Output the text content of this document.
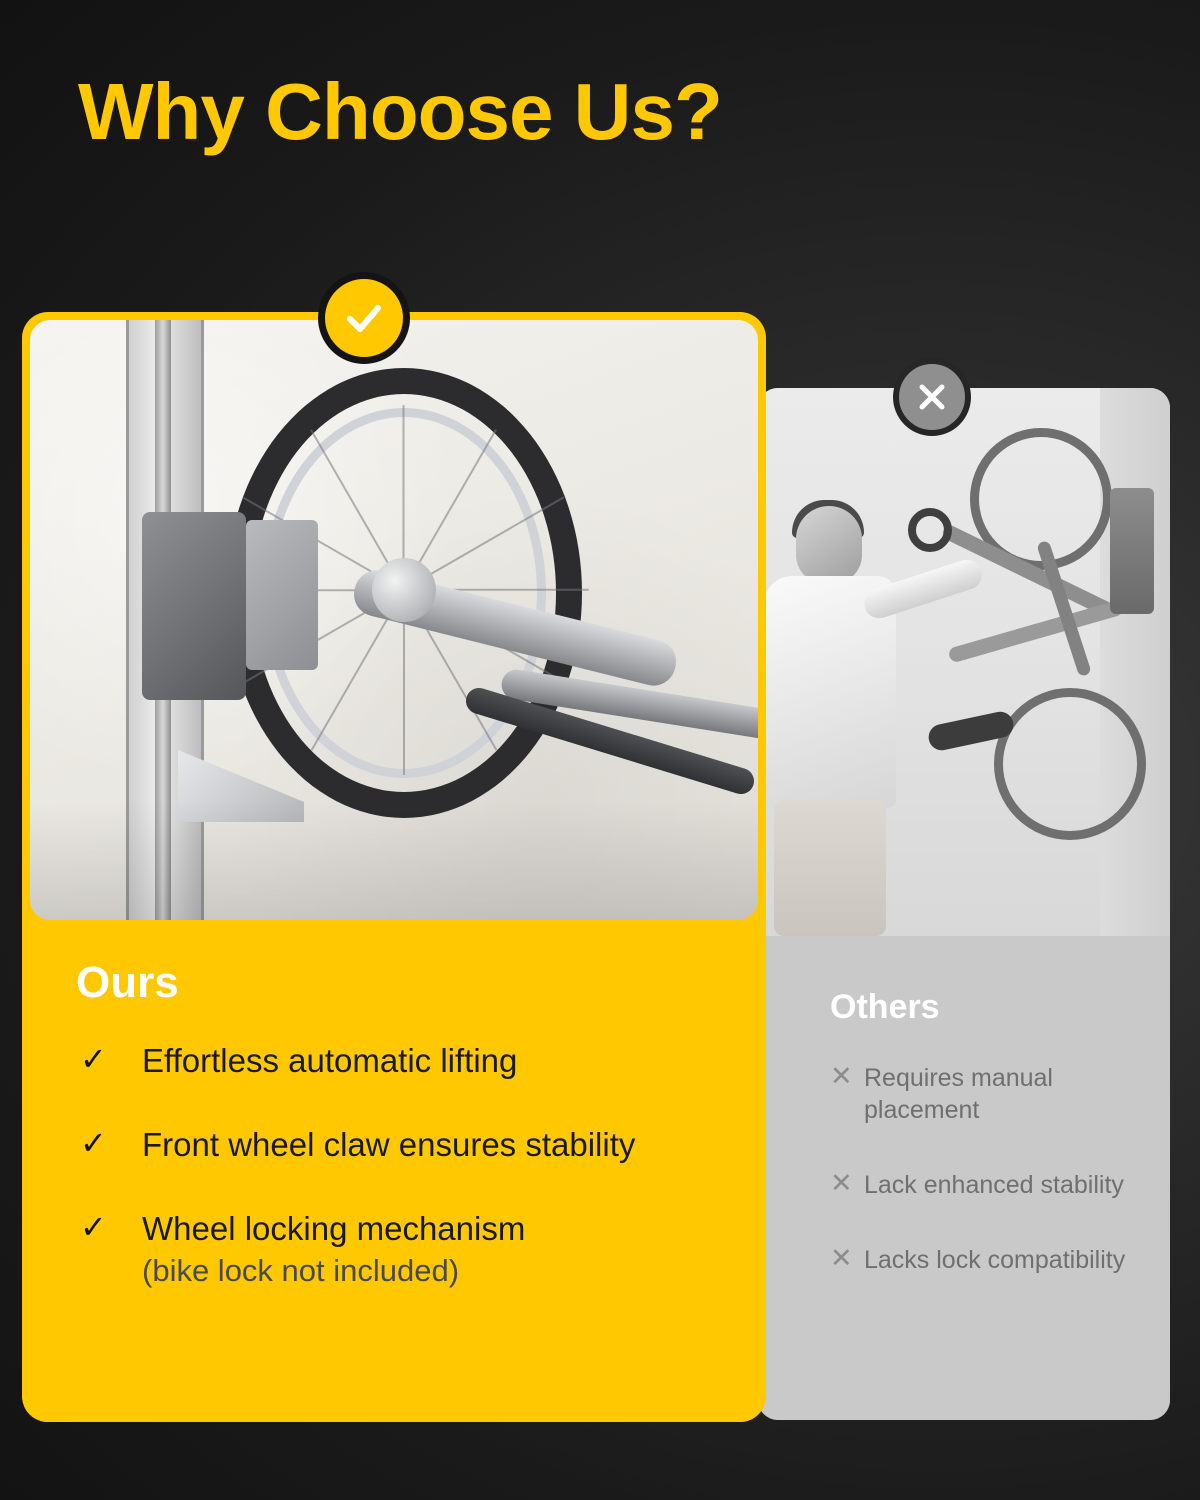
Why Choose Us?
Others
✕ Requires manual placement
✕ Lack enhanced stability
✕ Lacks lock compatibility
Ours
✓	Effortless automatic lifting
✓	Front wheel claw ensures stability
✓	Wheel locking mechanism
(bike lock not included)
